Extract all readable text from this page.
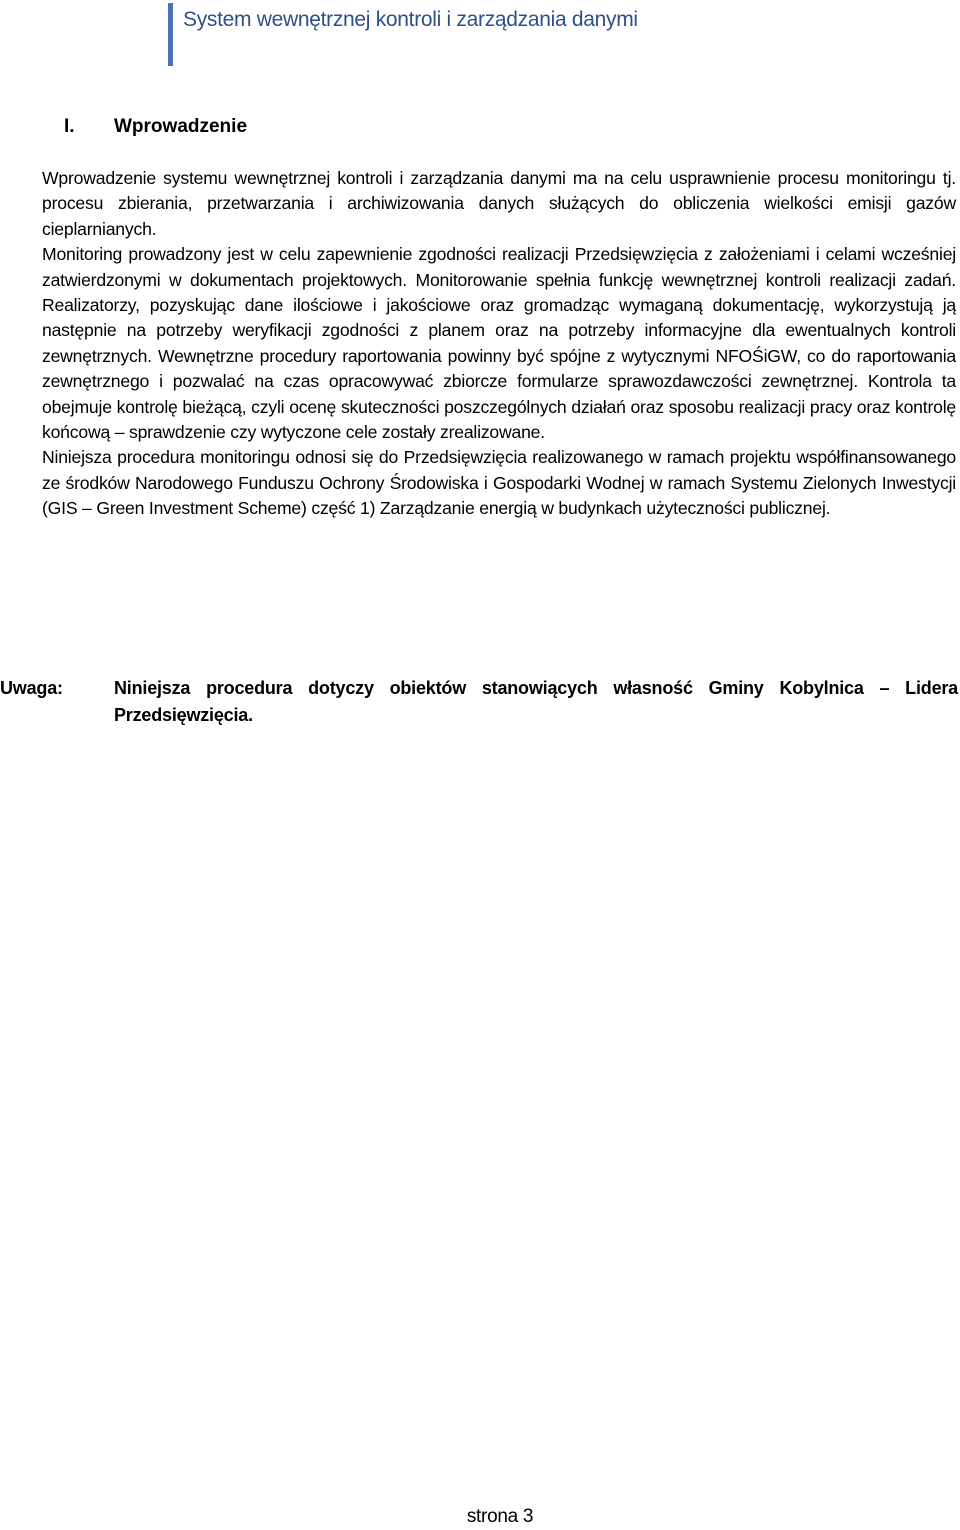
System wewnętrznej kontroli i zarządzania danymi
I. Wprowadzenie

Wprowadzenie systemu wewnętrznej kontroli i zarządzania danymi ma na celu usprawnienie procesu monitoringu tj. procesu zbierania, przetwarzania i archiwizowania danych służących do obliczenia wielkości emisji gazów cieplarnianych.

Monitoring prowadzony jest w celu zapewnienie zgodności realizacji Przedsięwzięcia z założeniami i celami wcześniej zatwierdzonymi w dokumentach projektowych. Monitorowanie spełnia funkcję wewnętrznej kontroli realizacji zadań. Realizatorzy, pozyskując dane ilościowe i jakościowe oraz gromadząc wymaganą dokumentację, wykorzystują ją następnie na potrzeby weryfikacji zgodności z planem oraz na potrzeby informacyjne dla ewentualnych kontroli zewnętrznych. Wewnętrzne procedury raportowania powinny być spójne z wytycznymi NFOŚiGW, co do raportowania zewnętrznego i pozwalać na czas opracowywać zbiorcze formularze sprawozdawczości zewnętrznej. Kontrola ta obejmuje kontrolę bieżącą, czyli ocenę skuteczności poszczególnych działań oraz sposobu realizacji pracy oraz kontrolę końcową – sprawdzenie czy wytyczone cele zostały zrealizowane.

Niniejsza procedura monitoringu odnosi się do Przedsięwzięcia realizowanego w ramach projektu współfinansowanego ze środków Narodowego Funduszu Ochrony Środowiska i Gospodarki Wodnej w ramach Systemu Zielonych Inwestycji (GIS – Green Investment Scheme) część 1) Zarządzanie energią w budynkach użyteczności publicznej.

Uwaga:	Niniejsza procedura dotyczy obiektów stanowiących własność Gminy Kobylnica – Lidera Przedsięwzięcia.
strona 3
